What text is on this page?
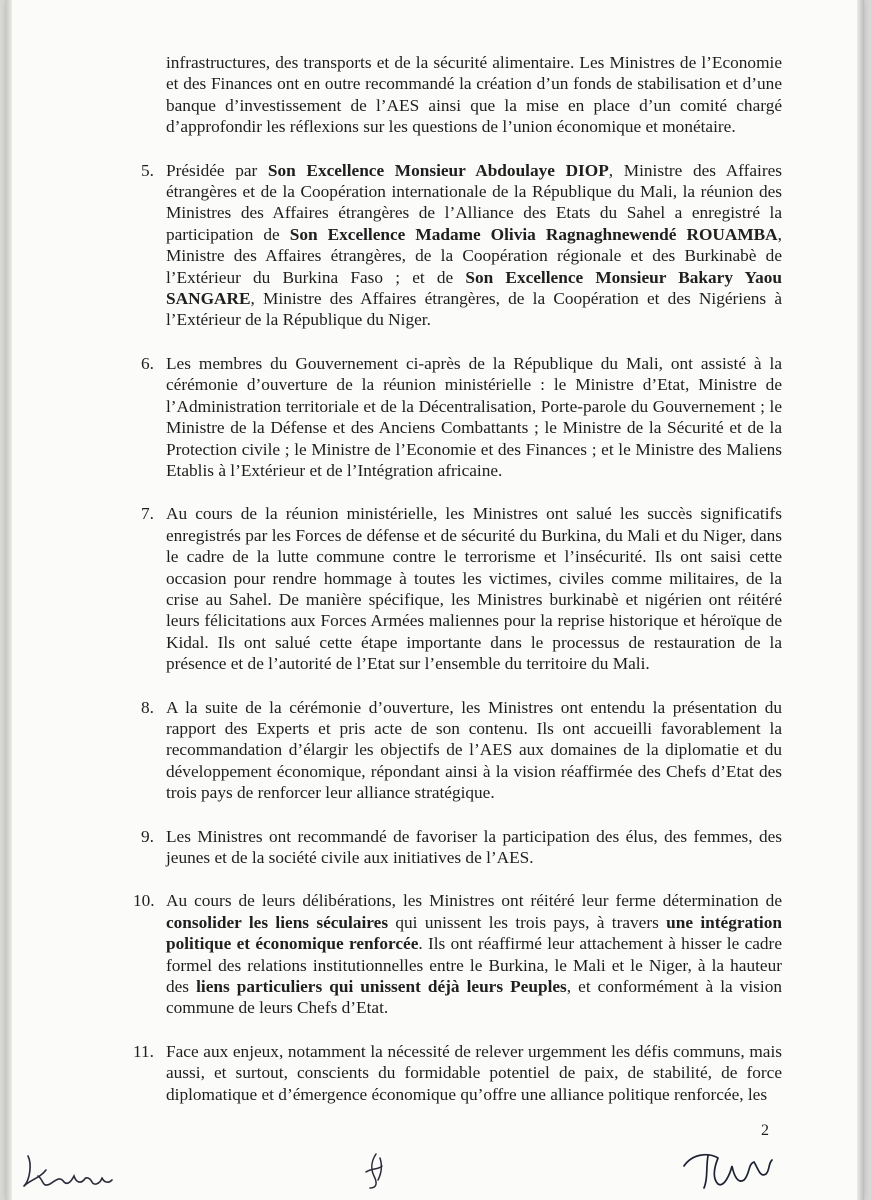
infrastructures, des transports et de la sécurité alimentaire. Les Ministres de l’Economie et des Finances ont en outre recommandé la création d’un fonds de stabilisation et d’une banque d’investissement de l’AES ainsi que la mise en place d’un comité chargé d’approfondir les réflexions sur les questions de l’union économique et monétaire.

5. Présidée par Son Excellence Monsieur Abdoulaye DIOP, Ministre des Affaires étrangères et de la Coopération internationale de la République du Mali, la réunion des Ministres des Affaires étrangères de l’Alliance des Etats du Sahel a enregistré la participation de Son Excellence Madame Olivia Ragnaghnewendé ROUAMBA, Ministre des Affaires étrangères, de la Coopération régionale et des Burkinabè de l’Extérieur du Burkina Faso ; et de Son Excellence Monsieur Bakary Yaou SANGARE, Ministre des Affaires étrangères, de la Coopération et des Nigériens à l’Extérieur de la République du Niger.

6. Les membres du Gouvernement ci-après de la République du Mali, ont assisté à la cérémonie d’ouverture de la réunion ministérielle : le Ministre d’Etat, Ministre de l’Administration territoriale et de la Décentralisation, Porte-parole du Gouvernement ; le Ministre de la Défense et des Anciens Combattants ; le Ministre de la Sécurité et de la Protection civile ; le Ministre de l’Economie et des Finances ; et le Ministre des Maliens Etablis à l’Extérieur et de l’Intégration africaine.

7. Au cours de la réunion ministérielle, les Ministres ont salué les succès significatifs enregistrés par les Forces de défense et de sécurité du Burkina, du Mali et du Niger, dans le cadre de la lutte commune contre le terrorisme et l’insécurité. Ils ont saisi cette occasion pour rendre hommage à toutes les victimes, civiles comme militaires, de la crise au Sahel. De manière spécifique, les Ministres burkinabè et nigérien ont réitéré leurs félicitations aux Forces Armées maliennes pour la reprise historique et héroïque de Kidal. Ils ont salué cette étape importante dans le processus de restauration de la présence et de l’autorité de l’Etat sur l’ensemble du territoire du Mali.

8. A la suite de la cérémonie d’ouverture, les Ministres ont entendu la présentation du rapport des Experts et pris acte de son contenu. Ils ont accueilli favorablement la recommandation d’élargir les objectifs de l’AES aux domaines de la diplomatie et du développement économique, répondant ainsi à la vision réaffirmée des Chefs d’Etat des trois pays de renforcer leur alliance stratégique.

9. Les Ministres ont recommandé de favoriser la participation des élus, des femmes, des jeunes et de la société civile aux initiatives de l’AES.

10. Au cours de leurs délibérations, les Ministres ont réitéré leur ferme détermination de consolider les liens séculaires qui unissent les trois pays, à travers une intégration politique et économique renforcée. Ils ont réaffirmé leur attachement à hisser le cadre formel des relations institutionnelles entre le Burkina, le Mali et le Niger, à la hauteur des liens particuliers qui unissent déjà leurs Peuples, et conformément à la vision commune de leurs Chefs d’Etat.

11. Face aux enjeux, notamment la nécessité de relever urgemment les défis communs, mais aussi, et surtout, conscients du formidable potentiel de paix, de stabilité, de force diplomatique et d’émergence économique qu’offre une alliance politique renforcée, les

2
